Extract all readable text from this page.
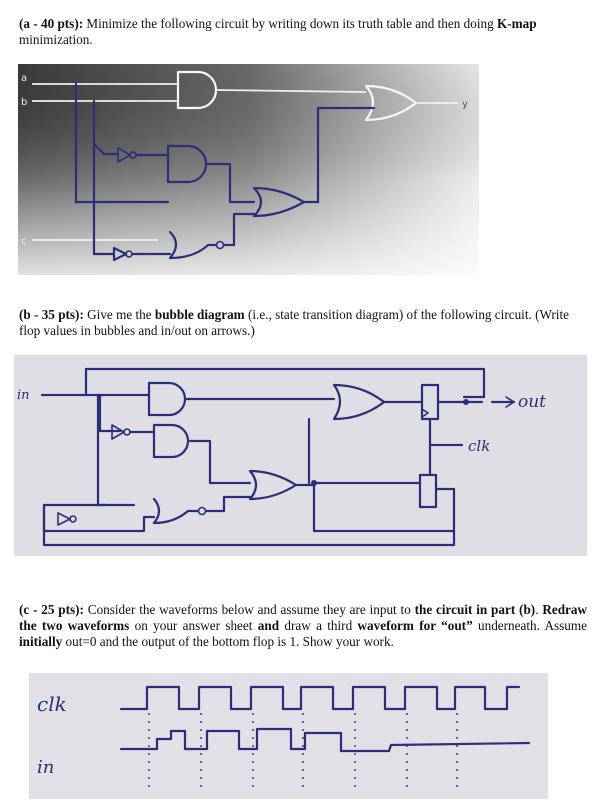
(a - 40 pts): Minimize the following circuit by writing down its truth table and then doing K-map minimization.
a
b
c
y
(b - 35 pts): Give me the bubble diagram (i.e., state transition diagram) of the following circuit. (Write flop values in bubbles and in/out on arrows.)
out
in
clk
(c - 25 pts): Consider the waveforms below and assume they are input to the circuit in part (b). Redraw the two waveforms on your answer sheet and draw a third waveform for “out” underneath. Assume initially out=0 and the output of the bottom flop is 1. Show your work.
clk
in
